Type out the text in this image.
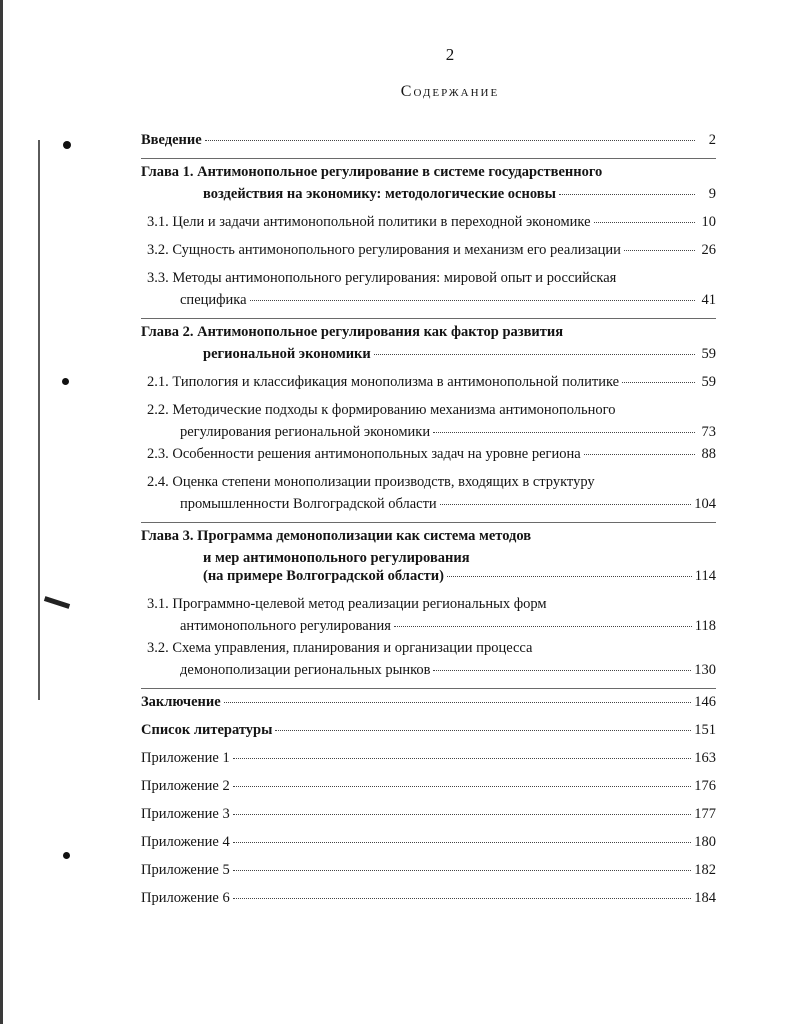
2
Содержание
Введение	2
Глава 1. Антимонопольное регулирование в системе государственного
воздействия на экономику: методологические основы	9
3.1.
Цели и задачи антимонопольной политики в переходной экономике	10
3.2.
Сущность антимонопольного регулирования и механизм его реализации	26
3.3.
Методы антимонопольного регулирования: мировой опыт и российская
специфика	41
Глава 2. Антимонопольное регулирования как фактор развития
региональной экономики	59
2.1.
Типология и классификация монополизма в антимонопольной политике	59
2.2.
Методические подходы к формированию механизма антимонопольного
регулирования региональной экономики	73
2.3.
Особенности решения антимонопольных задач на уровне региона	88
2.4.
Оценка степени монополизации производств, входящих в структуру
промышленности Волгоградской области	104
Глава 3. Программа демонополизации как система методов
и мер антимонопольного регулирования
(на примере Волгоградской области)	114
3.1.
Программно-целевой метод реализации региональных форм
антимонопольного регулирования	118
3.2.
Схема управления, планирования и организации процесса
демонополизации региональных рынков	130
Заключение	146
Список литературы	151
Приложение 1	163
Приложение 2	176
Приложение 3	177
Приложение 4	180
Приложение 5	182
Приложение 6	184
